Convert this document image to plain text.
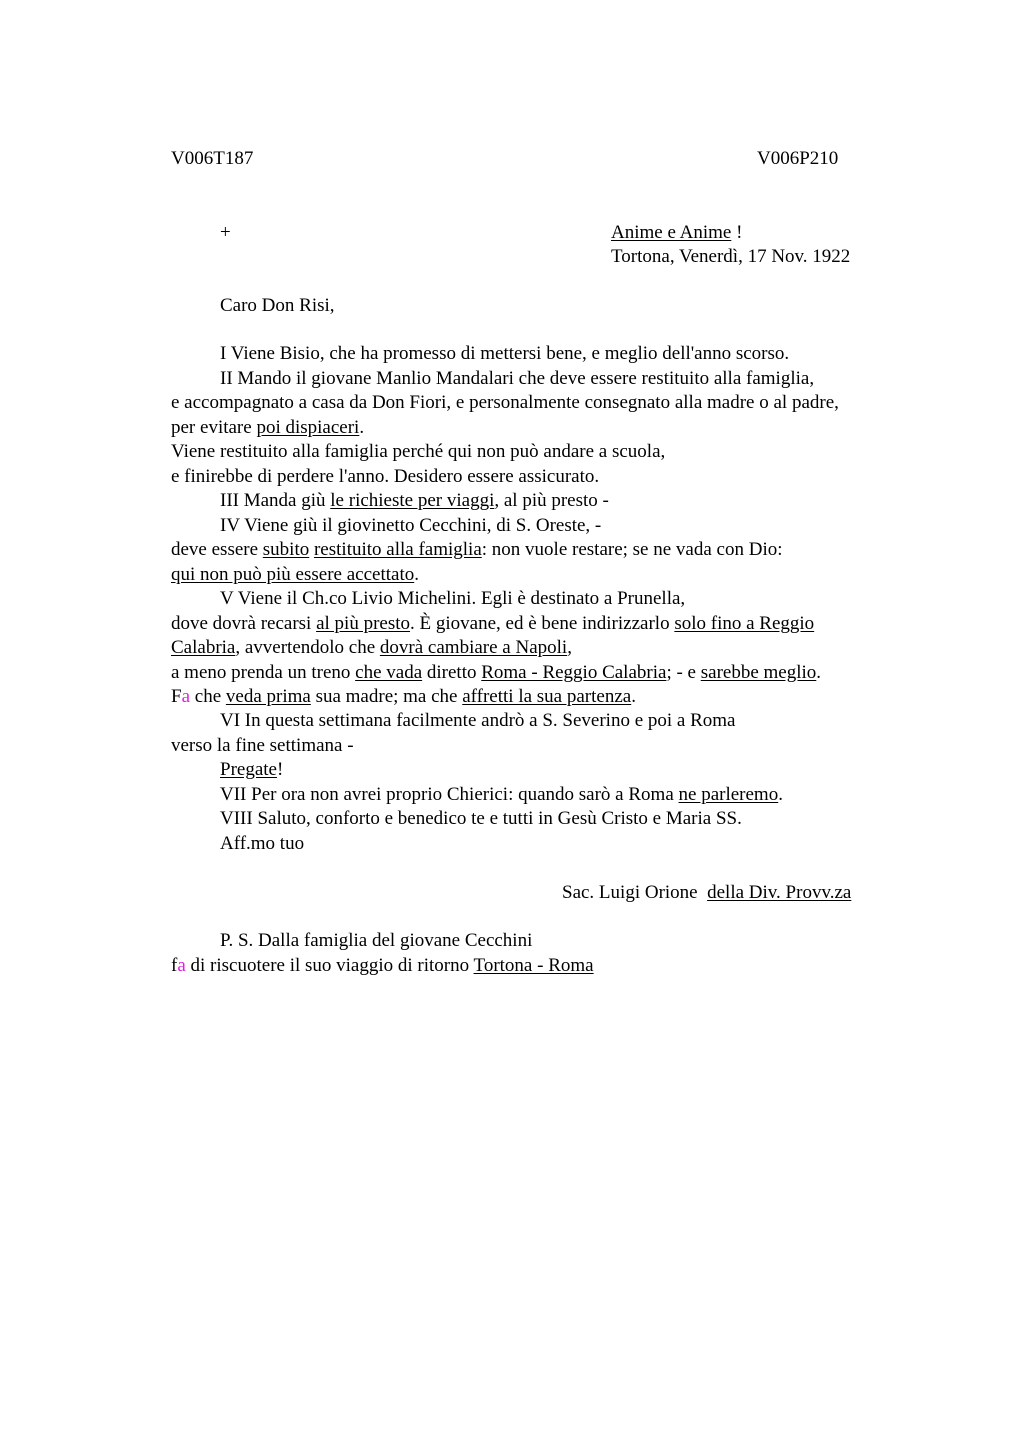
V006T187	V006P210

+	Anime e Anime !

Tortona, Venerdì, 17 Nov. 1922

Caro Don Risi,

I Viene Bisio, che ha promesso di mettersi bene, e meglio dell'anno scorso.

II Mando il giovane Manlio Mandalari che deve essere restituito alla famiglia,

e accompagnato a casa da Don Fiori, e personalmente consegnato alla madre o al padre,

per evitare poi dispiaceri.

Viene restituito alla famiglia perché qui non può andare a scuola,

e finirebbe di perdere l'anno. Desidero essere assicurato.

III Manda giù le richieste per viaggi, al più presto -

IV Viene giù il giovinetto Cecchini, di S. Oreste, -

deve essere subito restituito alla famiglia: non vuole restare; se ne vada con Dio:

qui non può più essere accettato.

V Viene il Ch.co Livio Michelini. Egli è destinato a Prunella,

dove dovrà recarsi al più presto. È giovane, ed è bene indirizzarlo solo fino a Reggio

Calabria, avvertendolo che dovrà cambiare a Napoli,

a meno prenda un treno che vada diretto Roma - Reggio Calabria; - e sarebbe meglio.

Fa che veda prima sua madre; ma che affretti la sua partenza.

VI In questa settimana facilmente andrò a S. Severino e poi a Roma

verso la fine settimana -

Pregate!

VII Per ora non avrei proprio Chierici: quando sarò a Roma ne parleremo.

VIII Saluto, conforto e benedico te e tutti in Gesù Cristo e Maria SS.

Aff.mo tuo

Sac. Luigi Orione della Div. Provv.za

P. S. Dalla famiglia del giovane Cecchini

fa di riscuotere il suo viaggio di ritorno Tortona - Roma
